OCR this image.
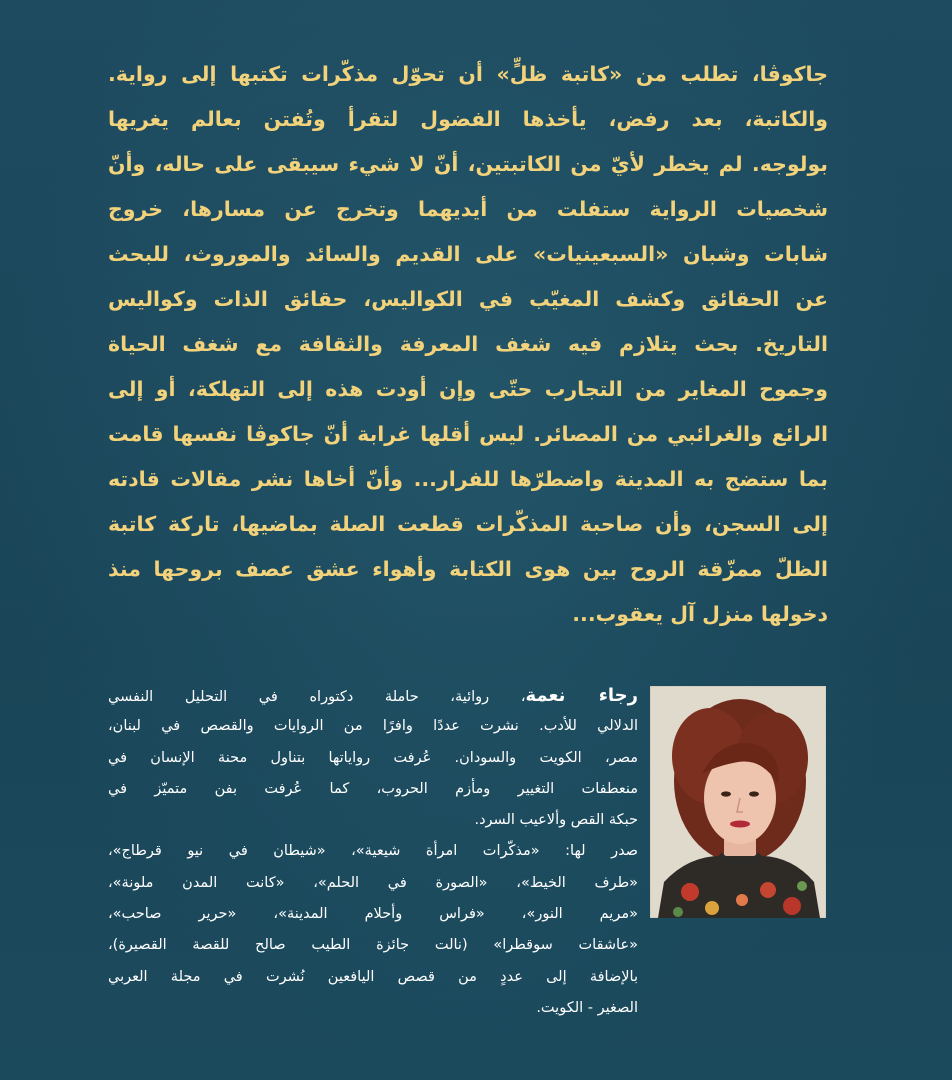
جاكوڤا، تطلب من «كاتبة ظلٍّ» أن تحوّل مذكّرات تكتبها إلى رواية.
والكاتبة، بعد رفض، يأخذها الفضول لتقرأ وتُفتن بعالم يغريها
بولوجه. لم يخطر لأيّ من الكاتبتين، أنّ لا شيء سيبقى على حاله، وأنّ
شخصيات الرواية ستفلت من أيديهما وتخرج عن مسارها، خروج
شابات وشبان «السبعينيات» على القديم والسائد والموروث، للبحث
عن الحقائق وكشف المغيّب في الكواليس، حقائق الذات وكواليس
التاريخ. بحث يتلازم فيه شغف المعرفة والثقافة مع شغف الحياة
وجموح المغاير من التجارب حتّى وإن أودت هذه إلى التهلكة، أو إلى
الرائع والغرائبي من المصائر. ليس أقلها غرابة أنّ جاكوڤا نفسها قامت
بما ستضج به المدينة واضطرّها للفرار... وأنّ أخاها نشر مقالات قادته
إلى السجن، وأن صاحبة المذكّرات قطعت الصلة بماضيها، تاركة كاتبة
الظلّ ممزّقة الروح بين هوى الكتابة وأهواء عشق عصف بروحها منذ
دخولها منزل آل يعقوب...
رجاء نعمة، روائية، حاملة دكتوراه في التحليل النفسي
الدلالي للأدب. نشرت عددًا وافرًا من الروايات والقصص في لبنان،
مصر، الكويت والسودان. عُرفت رواياتها بتناول محنة الإنسان في
منعطفات التغيير ومأزم الحروب، كما عُرفت بفن متميّز في
حبكة القص وألاعيب السرد.
صدر لها: «مذكّرات امرأة شيعية»، «شيطان في نيو قرطاج»،
«طرف الخيط»، «الصورة في الحلم»، «كانت المدن ملونة»،
«مريم النور»، «فراس وأحلام المدينة»، «حرير صاحب»،
«عاشقات سوقطرا» (نالت جائزة الطيب صالح للقصة القصيرة)،
بالإضافة إلى عددٍ من قصص اليافعين نُشرت في مجلة العربي
الصغير - الكويت.
